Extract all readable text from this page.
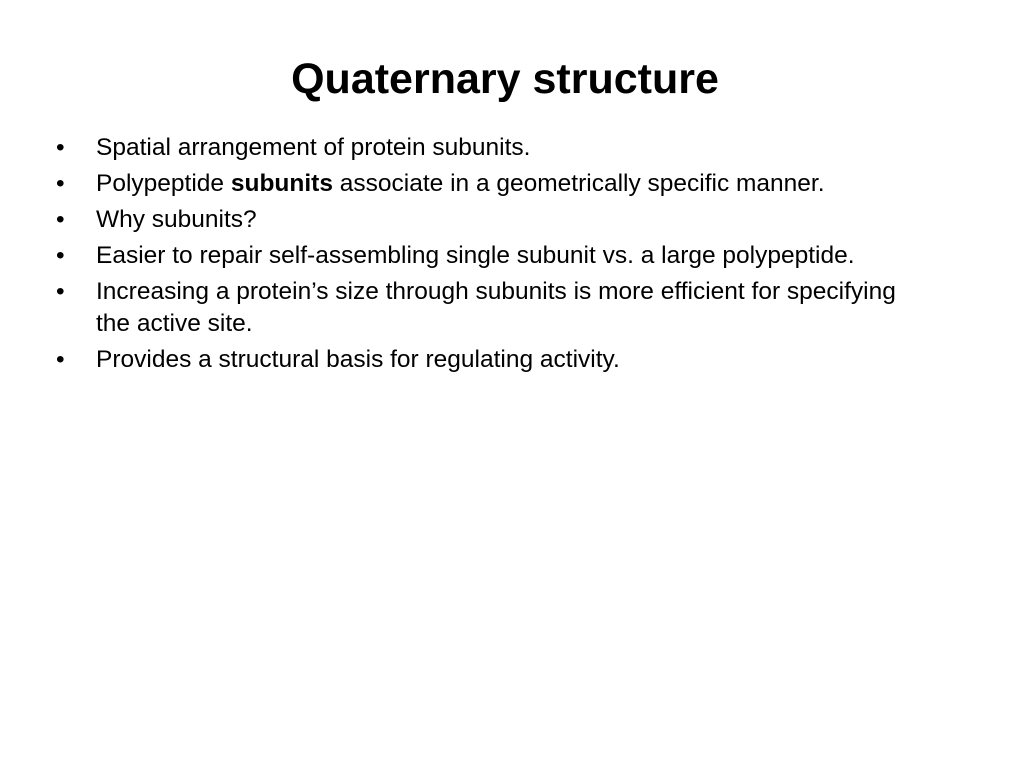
Quaternary structure
•	Spatial arrangement of protein subunits.
•	Polypeptide subunits associate in a geometrically specific manner.
•	Why subunits?
•	Easier to repair self-assembling single subunit vs. a large polypeptide.
•	Increasing a protein’s size through subunits is more efficient for specifying the active site.
•	Provides a structural basis for regulating activity.
